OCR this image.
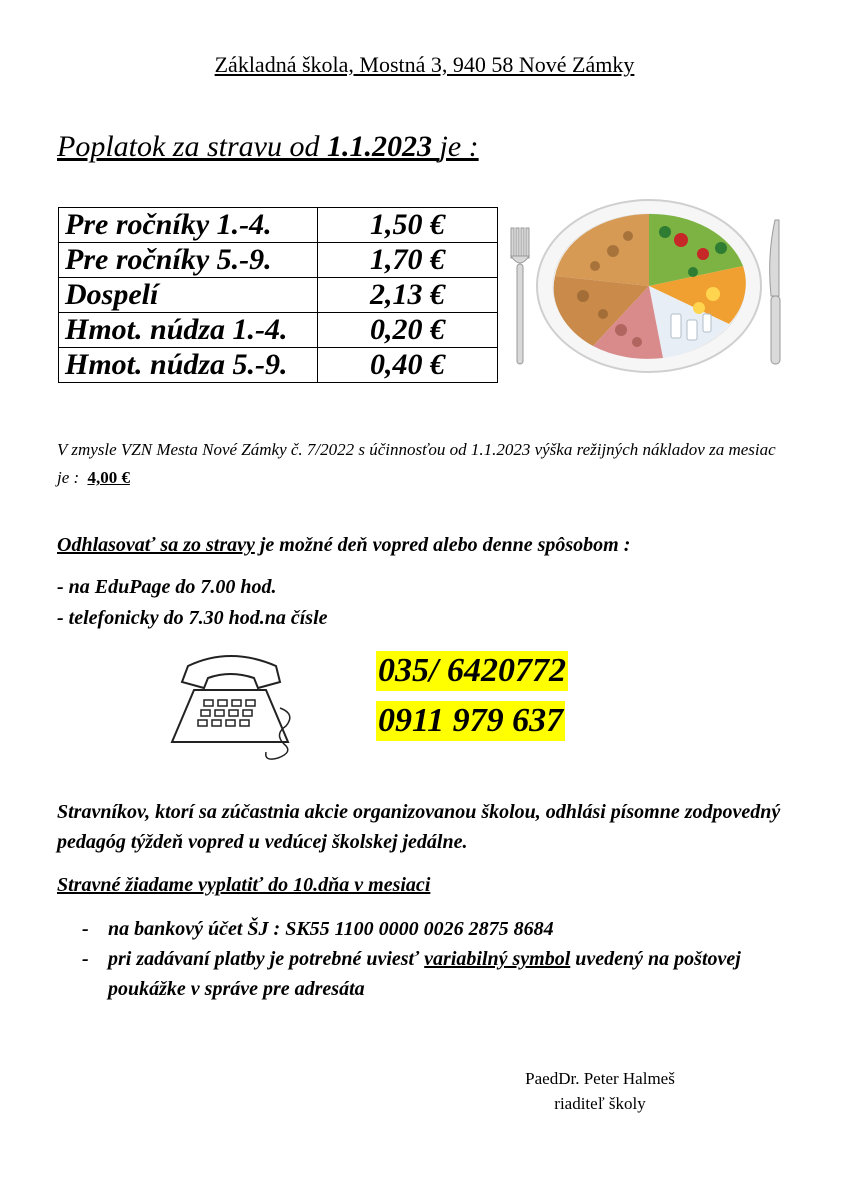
Základná škola, Mostná 3, 940 58 Nové Zámky
Poplatok za stravu od 1.1.2023 je :
Pre ročníky 1.-4.	1,50 €
Pre ročníky 5.-9.	1,70 €
Dospelí	2,13 €
Hmot. núdza 1.-4.	0,20 €
Hmot. núdza 5.-9.	0,40 €
V zmysle VZN Mesta Nové Zámky č. 7/2022 s účinnosťou od 1.1.2023 výška režijných nákladov za mesiac je : 4,00 €
Odhlasovať sa zo stravy je možné deň vopred alebo denne spôsobom :
- na EduPage do 7.00 hod.
- telefonicky do 7.30 hod.na čísle
035/ 6420772
0911 979 637
Stravníkov, ktorí sa zúčastnia akcie organizovanou školou, odhlási písomne zodpovedný pedagóg týždeň vopred u vedúcej školskej jedálne.
Stravné žiadame vyplatiť do 10.dňa v mesiaci
- na bankový účet ŠJ : SK55 1100 0000 0026 2875 8684
- pri zadávaní platby je potrebné uviesť variabilný symbol uvedený na poštovej poukážke v správe pre adresáta
PaedDr. Peter Halmeš
riaditeľ školy
